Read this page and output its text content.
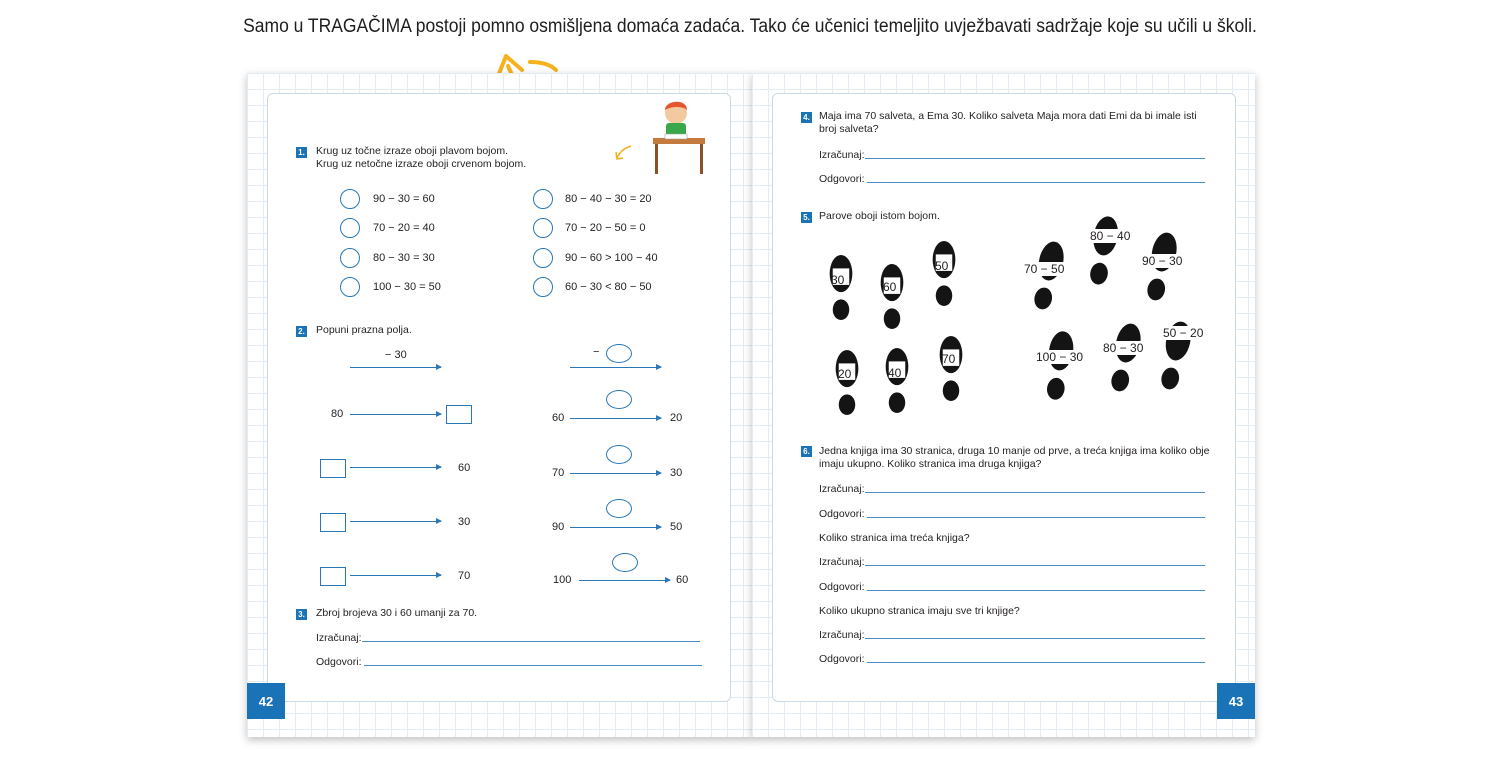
Samo u TRAGAČIMA postoji pomno osmišljena domaća zadaća. Tako će učenici temeljito uvježbavati sadržaje koje su učili u školi.
1. Krug uz točne izraze oboji plavom bojom.
Krug uz netočne izraze oboji crvenom bojom.
90 − 30 = 60
70 − 20 = 40
80 − 30 = 30
100 − 30 = 50
80 − 40 − 30 = 20
70 − 20 − 50 = 0
90 − 60 > 100 − 40
60 − 30 < 80 − 50
2. Popuni prazna polja.
− 30
80
60
30
70
−
60	20
70	30
90	50
100	60
3. Zbroj brojeva 30 i 60 umanji za 70.
Izračunaj:
Odgovori:
42
4. Maja ima 70 salveta, a Ema 30. Koliko salveta Maja mora dati Emi da bi imale isti
broj salveta?
Izračunaj:
Odgovori:
5. Parove oboji istom bojom.
30	60
50
20	40
70
70 − 50
80 − 40
90 − 30
100 − 30
80 − 30
50 − 20
6. Jedna knjiga ima 30 stranica, druga 10 manje od prve, a treća knjiga ima koliko obje
imaju ukupno. Koliko stranica ima druga knjiga?
Izračunaj:
Odgovori:
Koliko stranica ima treća knjiga?
Izračunaj:
Odgovori:
Koliko ukupno stranica imaju sve tri knjige?
Izračunaj:
Odgovori:
43
